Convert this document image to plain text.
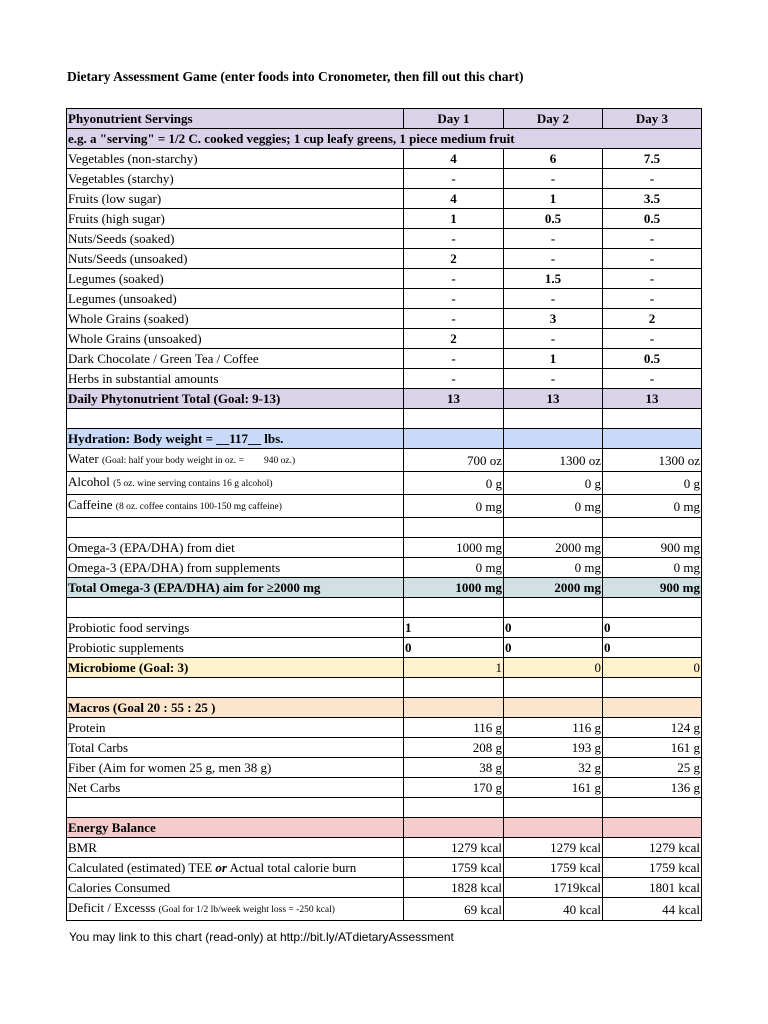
Dietary Assessment Game (enter foods into Cronometer, then fill out this chart)
Phyonutrient Servings	Day 1	Day 2	Day 3
e.g. a "serving" = 1/2 C. cooked veggies; 1 cup leafy greens, 1 piece medium fruit			
Vegetables (non-starchy)	4	6	7.5
Vegetables (starchy)	-	-	-
Fruits (low sugar)	4	1	3.5
Fruits (high sugar)	1	0.5	0.5
Nuts/Seeds (soaked)	-	-	-
Nuts/Seeds (unsoaked)	2	-	-
Legumes (soaked)	-	1.5	-
Legumes (unsoaked)	-	-	-
Whole Grains (soaked)	-	3	2
Whole Grains (unsoaked)	2	-	-
Dark Chocolate / Green Tea / Coffee	-	1	0.5
Herbs in substantial amounts	-	-	-
Daily Phytonutrient Total (Goal: 9-13)	13	13	13

Hydration: Body weight = __117__ lbs.			
Water (Goal: half your body weight in oz. = 940 oz.)	700 oz	1300 oz	1300 oz
Alcohol (5 oz. wine serving contains 16 g alcohol)	0 g	0 g	0 g
Caffeine (8 oz. coffee contains 100-150 mg caffeine)	0 mg	0 mg	0 mg

Omega-3 (EPA/DHA) from diet	1000 mg	2000 mg	900 mg
Omega-3 (EPA/DHA) from supplements	0 mg	0 mg	0 mg
Total Omega-3 (EPA/DHA) aim for ≥2000 mg	1000 mg	2000 mg	900 mg

Probiotic food servings	1	0	0
Probiotic supplements	0	0	0
Microbiome (Goal: 3)	1	0	0

Macros (Goal 20 : 55 : 25 )			
Protein	116 g	116 g	124 g
Total Carbs	208 g	193 g	161 g
Fiber (Aim for women 25 g, men 38 g)	38 g	32 g	25 g
Net Carbs	170 g	161 g	136 g

Energy Balance			
BMR	1279 kcal	1279 kcal	1279 kcal
Calculated (estimated) TEE or Actual total calorie burn	1759 kcal	1759 kcal	1759 kcal
Calories Consumed	1828 kcal	1719kcal	1801 kcal
Deficit / Excesss (Goal for 1/2 lb/week weight loss = -250 kcal)	69 kcal	40 kcal	44 kcal
You may link to this chart (read-only) at http://bit.ly/ATdietaryAssessment
